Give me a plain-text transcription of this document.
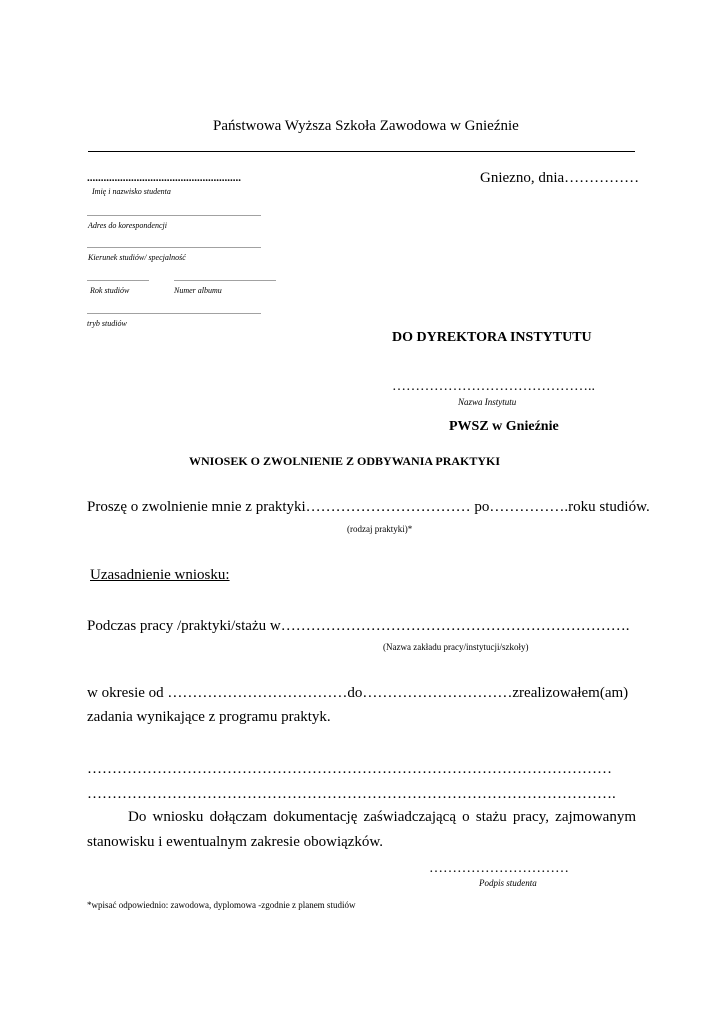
Państwowa Wyższa Szkoła Zawodowa w Gnieźnie
........................................................
Imię i nazwisko studenta
.......................................................................................
Adres do korespondencji
.......................................................................................
Kierunek studiów/ specjalność
...............................	...................................................
Rok studiów	Numer albumu
.......................................................................................
tryb studiów
Gniezno, dnia……………
DO DYREKTORA INSTYTUTU
……………………………………..
Nazwa Instytutu
PWSZ w Gnieźnie
WNIOSEK O ZWOLNIENIE Z ODBYWANIA PRAKTYKI
Proszę o zwolnienie mnie z praktyki…………………………… po…………….roku studiów.
(rodzaj praktyki)*
Uzasadnienie wniosku:
Podczas pracy /praktyki/stażu w…………………………………………………………….
(Nazwa zakładu pracy/instytucji/szkoły)
w okresie od ………………………………do…………………………zrealizowałem(am)
zadania wynikające z programu praktyk.
……………………………………………………………………………………………
…………………………………………………………………………………………….
Do wniosku dołączam dokumentację zaświadczającą o stażu pracy, zajmowanym
stanowisku i ewentualnym zakresie obowiązków.
…………………………
Podpis studenta
*wpisać odpowiednio: zawodowa, dyplomowa -zgodnie z planem studiów
